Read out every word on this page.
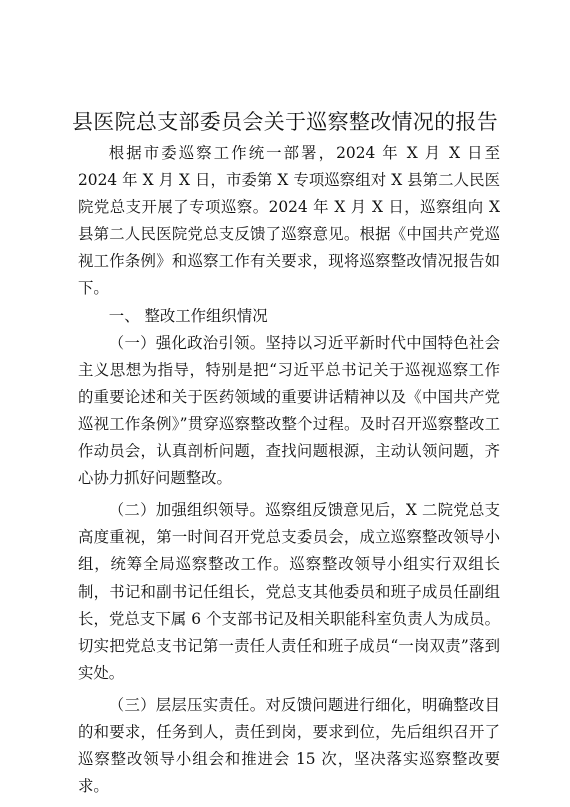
县医院总支部委员会关于巡察整改情况的报告

根据市委巡察工作统一部署，2024 年 X 月 X 日至 2024 年 X 月 X 日，市委第 X 专项巡察组对 X 县第二人民医院党总支开展了专项巡察。2024 年 X 月 X 日，巡察组向 X 县第二人民医院党总支反馈了巡察意见。根据《中国共产党巡视工作条例》和巡察工作有关要求，现将巡察整改情况报告如下。

一、 整改工作组织情况

（一）强化政治引领。坚持以习近平新时代中国特色社会主义思想为指导，特别是把“习近平总书记关于巡视巡察工作的重要论述和关于医药领域的重要讲话精神以及《中国共产党巡视工作条例》”贯穿巡察整改整个过程。及时召开巡察整改工作动员会，认真剖析问题，查找问题根源，主动认领问题，齐心协力抓好问题整改。

（二）加强组织领导。巡察组反馈意见后，X 二院党总支高度重视，第一时间召开党总支委员会，成立巡察整改领导小组，统筹全局巡察整改工作。巡察整改领导小组实行双组长制，书记和副书记任组长，党总支其他委员和班子成员任副组长，党总支下属 6 个支部书记及相关职能科室负责人为成员。切实把党总支书记第一责任人责任和班子成员“一岗双责”落到实处。

（三）层层压实责任。对反馈问题进行细化，明确整改目的和要求，任务到人，责任到岗，要求到位，先后组织召开了巡察整改领导小组会和推进会 15 次，坚决落实巡察整改要求。
